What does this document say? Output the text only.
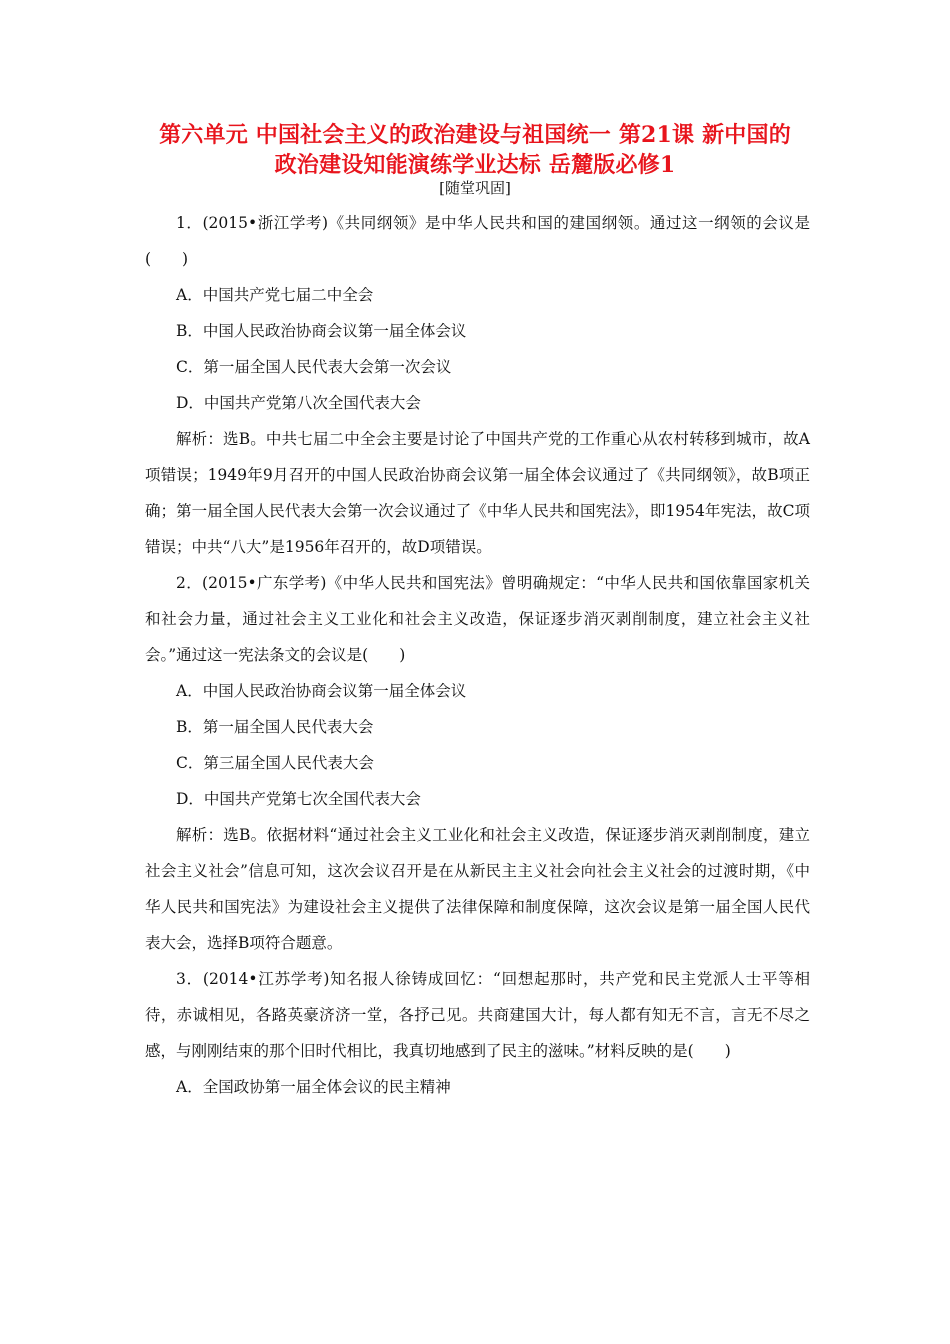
第六单元 中国社会主义的政治建设与祖国统一 第21课 新中国的
政治建设知能演练学业达标 岳麓版必修1
[随堂巩固]

1．(2015•浙江学考)《共同纲领》是中华人民共和国的建国纲领。通过这一纲领的会议是(　　)

A．中国共产党七届二中全会

B．中国人民政治协商会议第一届全体会议

C．第一届全国人民代表大会第一次会议

D．中国共产党第八次全国代表大会

解析：选B。中共七届二中全会主要是讨论了中国共产党的工作重心从农村转移到城市，故A项错误；1949年9月召开的中国人民政治协商会议第一届全体会议通过了《共同纲领》，故B项正确；第一届全国人民代表大会第一次会议通过了《中华人民共和国宪法》，即1954年宪法，故C项错误；中共“八大”是1956年召开的，故D项错误。

2．(2015•广东学考)《中华人民共和国宪法》曾明确规定：“中华人民共和国依靠国家机关和社会力量，通过社会主义工业化和社会主义改造，保证逐步消灭剥削制度，建立社会主义社会。”通过这一宪法条文的会议是(　　)

A．中国人民政治协商会议第一届全体会议

B．第一届全国人民代表大会

C．第三届全国人民代表大会

D．中国共产党第七次全国代表大会

解析：选B。依据材料“通过社会主义工业化和社会主义改造，保证逐步消灭剥削制度，建立社会主义社会”信息可知，这次会议召开是在从新民主主义社会向社会主义社会的过渡时期，《中华人民共和国宪法》为建设社会主义提供了法律保障和制度保障，这次会议是第一届全国人民代表大会，选择B项符合题意。

3．(2014•江苏学考)知名报人徐铸成回忆：“回想起那时，共产党和民主党派人士平等相待，赤诚相见，各路英豪济济一堂，各抒己见。共商建国大计，每人都有知无不言，言无不尽之感，与刚刚结束的那个旧时代相比，我真切地感到了民主的滋味。”材料反映的是(　　)

A．全国政协第一届全体会议的民主精神
